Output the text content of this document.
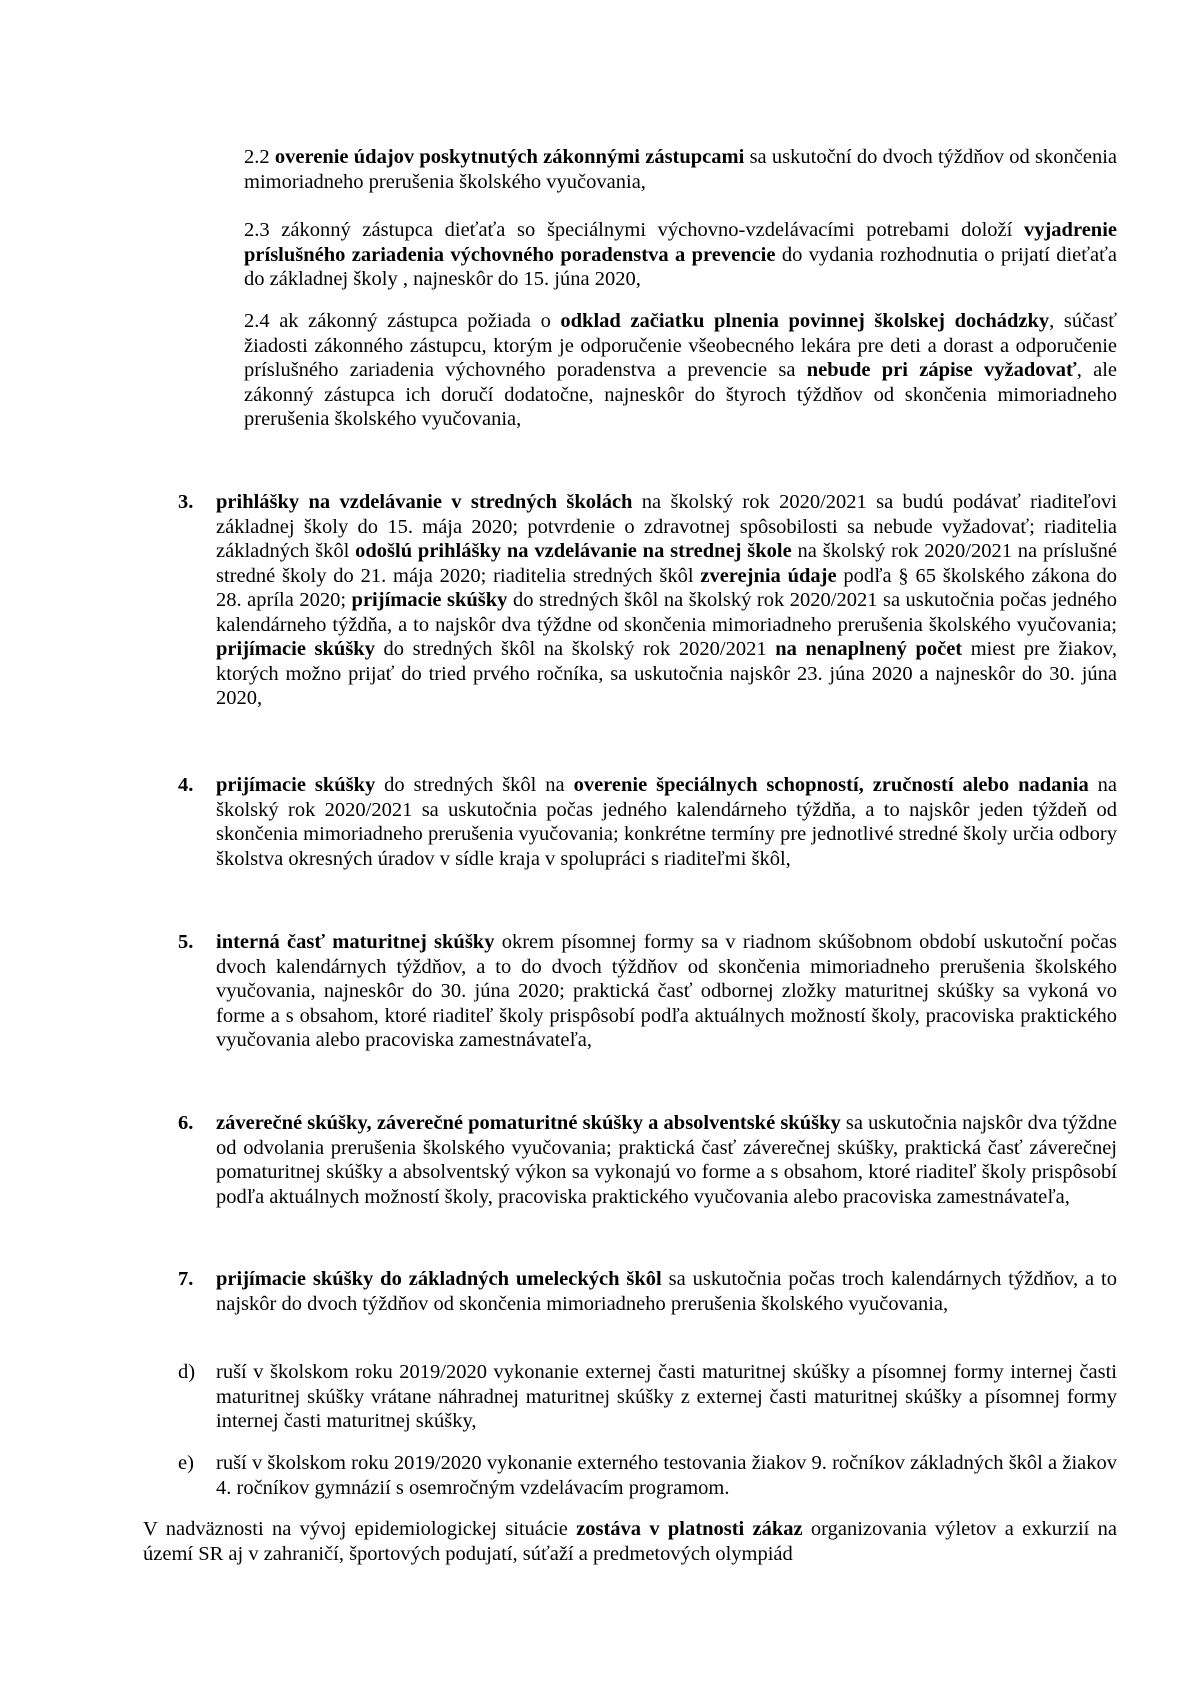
2.2 overenie údajov poskytnutých zákonnými zástupcami sa uskutoční do dvoch týždňov od skončenia mimoriadneho prerušenia školského vyučovania,

2.3 zákonný zástupca dieťaťa so špeciálnymi výchovno-vzdelávacími potrebami doloží vyjadrenie príslušného zariadenia výchovného poradenstva a prevencie do vydania rozhodnutia o prijatí dieťaťa do základnej školy , najneskôr do 15. júna 2020,

2.4 ak zákonný zástupca požiada o odklad začiatku plnenia povinnej školskej dochádzky, súčasť žiadosti zákonného zástupcu, ktorým je odporučenie všeobecného lekára pre deti a dorast a odporučenie príslušného zariadenia výchovného poradenstva a prevencie sa nebude pri zápise vyžadovať, ale zákonný zástupca ich doručí dodatočne, najneskôr do štyroch týždňov od skončenia mimoriadneho prerušenia školského vyučovania,

3.	prihlášky na vzdelávanie v stredných školách na školský rok 2020/2021 sa budú podávať riaditeľovi základnej školy do 15. mája 2020; potvrdenie o zdravotnej spôsobilosti sa nebude vyžadovať; riaditelia základných škôl odošlú prihlášky na vzdelávanie na strednej škole na školský rok 2020/2021 na príslušné stredné školy do 21. mája 2020; riaditelia stredných škôl zverejnia údaje podľa § 65 školského zákona do 28. apríla 2020; prijímacie skúšky do stredných škôl na školský rok 2020/2021 sa uskutočnia počas jedného kalendárneho týždňa, a to najskôr dva týždne od skončenia mimoriadneho prerušenia školského vyučovania; prijímacie skúšky do stredných škôl na školský rok 2020/2021 na nenaplnený počet miest pre žiakov, ktorých možno prijať do tried prvého ročníka, sa uskutočnia najskôr 23. júna 2020 a najneskôr do 30. júna 2020,

4.	prijímacie skúšky do stredných škôl na overenie špeciálnych schopností, zručností alebo nadania na školský rok 2020/2021 sa uskutočnia počas jedného kalendárneho týždňa, a to najskôr jeden týždeň od skončenia mimoriadneho prerušenia vyučovania; konkrétne termíny pre jednotlivé stredné školy určia odbory školstva okresných úradov v sídle kraja v spolupráci s riaditeľmi škôl,

5.	interná časť maturitnej skúšky okrem písomnej formy sa v riadnom skúšobnom období uskutoční počas dvoch kalendárnych týždňov, a to do dvoch týždňov od skončenia mimoriadneho prerušenia školského vyučovania, najneskôr do 30. júna 2020; praktická časť odbornej zložky maturitnej skúšky sa vykoná vo forme a s obsahom, ktoré riaditeľ školy prispôsobí podľa aktuálnych možností školy, pracoviska praktického vyučovania alebo pracoviska zamestnávateľa,

6.	záverečné skúšky, záverečné pomaturitné skúšky a absolventské skúšky sa uskutočnia najskôr dva týždne od odvolania prerušenia školského vyučovania; praktická časť záverečnej skúšky, praktická časť záverečnej pomaturitnej skúšky a absolventský výkon sa vykonajú vo forme a s obsahom, ktoré riaditeľ školy prispôsobí podľa aktuálnych možností školy, pracoviska praktického vyučovania alebo pracoviska zamestnávateľa,

7.	prijímacie skúšky do základných umeleckých škôl sa uskutočnia počas troch kalendárnych týždňov, a to najskôr do dvoch týždňov od skončenia mimoriadneho prerušenia školského vyučovania,

d)	ruší v školskom roku 2019/2020 vykonanie externej časti maturitnej skúšky a písomnej formy internej časti maturitnej skúšky vrátane náhradnej maturitnej skúšky z externej časti maturitnej skúšky a písomnej formy internej časti maturitnej skúšky,

e)	ruší v školskom roku 2019/2020 vykonanie externého testovania žiakov 9. ročníkov základných škôl a žiakov 4. ročníkov gymnázií s osemročným vzdelávacím programom.

V nadväznosti na vývoj epidemiologickej situácie zostáva v platnosti zákaz organizovania výletov a exkurzií na území SR aj v zahraničí, športových podujatí, súťaží a predmetových olympiád
